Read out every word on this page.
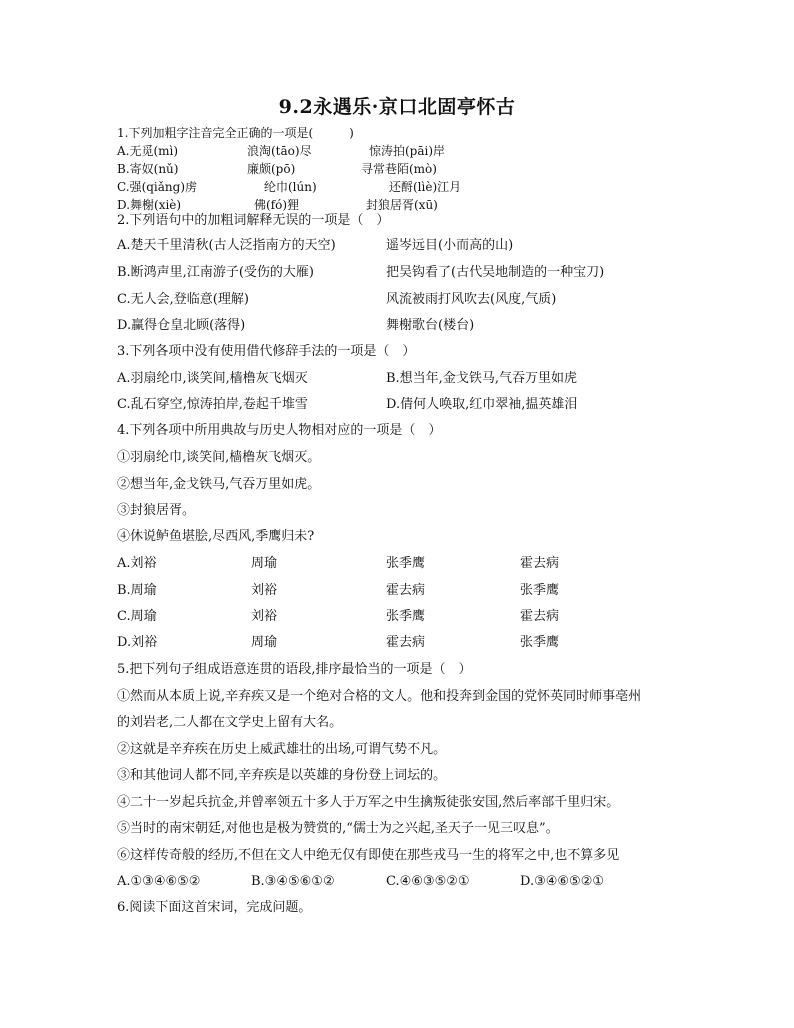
9.2永遇乐·京口北固亭怀古
1.下列加粗字注音完全正确的一项是(　　　)
A.无觅(mì)	浪淘(tāo)尽	惊涛拍(pāi)岸
B.寄奴(nǔ)	廉颇(pō)	寻常巷陌(mò)
C.强(qiǎng)虏	纶巾(lún)	还酹(lìè)江月
D.舞榭(xiè)	佛(fó)狸	封狼居胥(xū)
2.下列语句中的加粗词解释无误的一项是（　）
A.楚天千里清秋(古人泛指南方的天空)	遥岑远目(小而高的山)
B.断鸿声里,江南游子(受伤的大雁)	把吴钩看了(古代吴地制造的一种宝刀)
C.无人会,登临意(理解)	风流被雨打风吹去(风度,气质)
D.赢得仓皇北顾(落得)	舞榭歌台(楼台)
3.下列各项中没有使用借代修辞手法的一项是（　）
A.羽扇纶巾,谈笑间,樯橹灰飞烟灭	B.想当年,金戈铁马,气吞万里如虎
C.乱石穿空,惊涛拍岸,卷起千堆雪	D.倩何人唤取,红巾翠袖,揾英雄泪
4.下列各项中所用典故与历史人物相对应的一项是（　）
①羽扇纶巾,谈笑间,樯橹灰飞烟灭。
②想当年,金戈铁马,气吞万里如虎。
③封狼居胥。
④休说鲈鱼堪脍,尽西风,季鹰归未?
A.刘裕	周瑜	张季鹰	霍去病
B.周瑜	刘裕	霍去病	张季鹰
C.周瑜	刘裕	张季鹰	霍去病
D.刘裕	周瑜	霍去病	张季鹰
5.把下列句子组成语意连贯的语段,排序最恰当的一项是（　）
①然而从本质上说,辛弃疾又是一个绝对合格的文人。他和投奔到金国的党怀英同时师事亳州
的刘岩老,二人都在文学史上留有大名。
②这就是辛弃疾在历史上威武雄壮的出场,可谓气势不凡。
③和其他词人都不同,辛弃疾是以英雄的身份登上词坛的。
④二十一岁起兵抗金,并曾率领五十多人于万军之中生擒叛徒张安国,然后率部千里归宋。
⑤当时的南宋朝廷,对他也是极为赞赏的,“儒士为之兴起,圣天子一见三叹息”。
⑥这样传奇般的经历,不但在文人中绝无仅有即使在那些戎马一生的将军之中,也不算多见
A.①③④⑥⑤②	B.③④⑤⑥①②	C.④⑥③⑤②①	D.③④⑥⑤②①
6.阅读下面这首宋词，完成问题。
